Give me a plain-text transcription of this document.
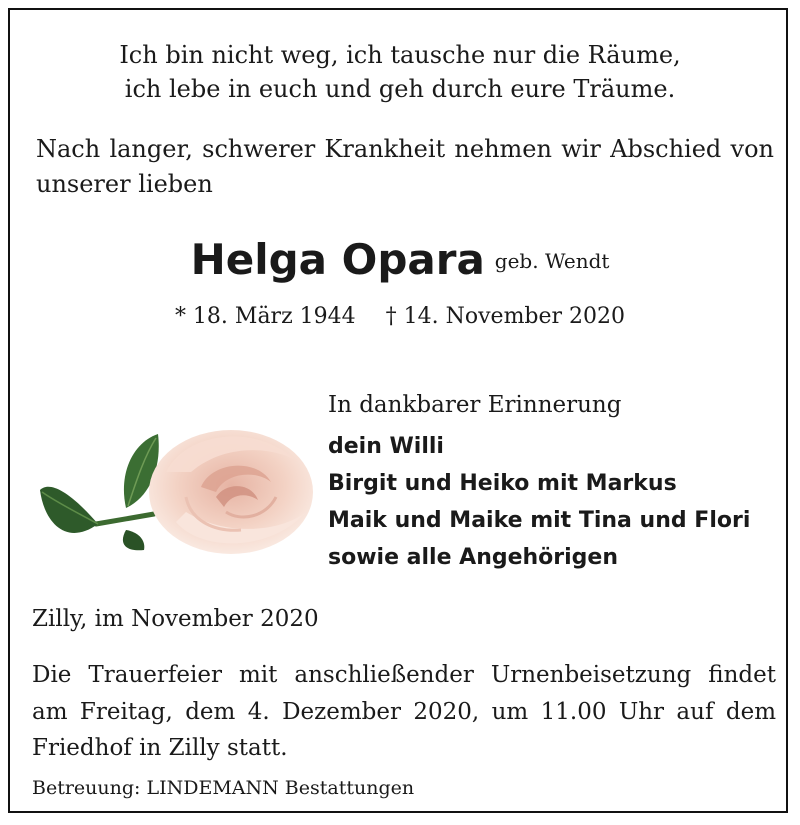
Ich bin nicht weg, ich tausche nur die Räume,
ich lebe in euch und geh durch eure Träume.
Nach langer, schwerer Krankheit nehmen wir Abschied von
unserer lieben
Helga Opara geb. Wendt
* 18. März 1944 † 14. November 2020
In dankbarer Erinnerung
dein Willi
Birgit und Heiko mit Markus
Maik und Maike mit Tina und Flori
sowie alle Angehörigen
Zilly, im November 2020
Die Trauerfeier mit anschließender Urnenbeisetzung findet
am Freitag, dem 4. Dezember 2020, um 11.00 Uhr auf dem
Friedhof in Zilly statt.
Betreuung: LINDEMANN Bestattungen
